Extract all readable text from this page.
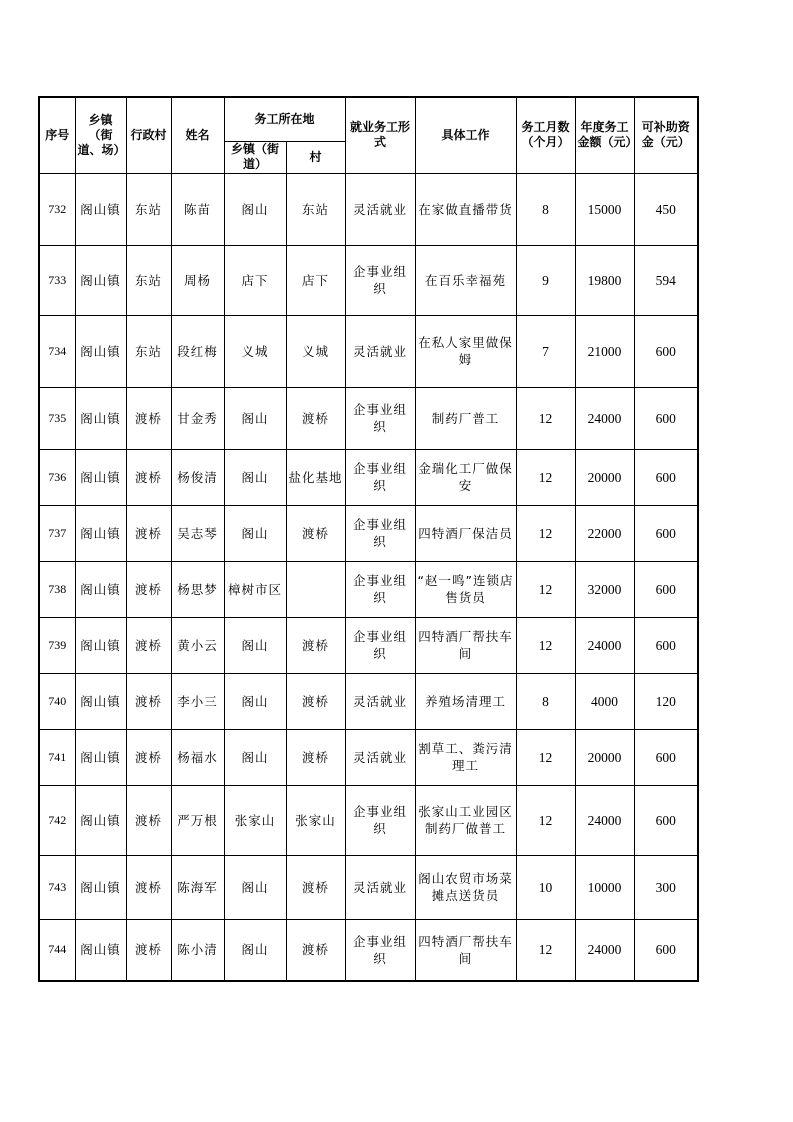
序号	乡镇（街道、场）	行政村	姓名	务工所在地		就业务工形式	具体工作	务工月数（个月）	年度务工金额（元）	可补助资金（元）
				乡镇（街道）	村					
732	阁山镇	东站	陈苗	阁山	东站	灵活就业	在家做直播带货	8	15000	450
733	阁山镇	东站	周杨	店下	店下	企事业组织	在百乐幸福苑	9	19800	594
734	阁山镇	东站	段红梅	义城	义城	灵活就业	在私人家里做保姆	7	21000	600
735	阁山镇	渡桥	甘金秀	阁山	渡桥	企事业组织	制药厂普工	12	24000	600
736	阁山镇	渡桥	杨俊清	阁山	盐化基地	企事业组织	金瑞化工厂做保安	12	20000	600
737	阁山镇	渡桥	吴志琴	阁山	渡桥	企事业组织	四特酒厂保洁员	12	22000	600
738	阁山镇	渡桥	杨思梦	樟树市区		企事业组织	“赵一鸣”连锁店售货员	12	32000	600
739	阁山镇	渡桥	黄小云	阁山	渡桥	企事业组织	四特酒厂帮扶车间	12	24000	600
740	阁山镇	渡桥	李小三	阁山	渡桥	灵活就业	养殖场清理工	8	4000	120
741	阁山镇	渡桥	杨福水	阁山	渡桥	灵活就业	割草工、粪污清理工	12	20000	600
742	阁山镇	渡桥	严万根	张家山	张家山	企事业组织	张家山工业园区制药厂做普工	12	24000	600
743	阁山镇	渡桥	陈海军	阁山	渡桥	灵活就业	阁山农贸市场菜摊点送货员	10	10000	300
744	阁山镇	渡桥	陈小清	阁山	渡桥	企事业组织	四特酒厂帮扶车间	12	24000	600
